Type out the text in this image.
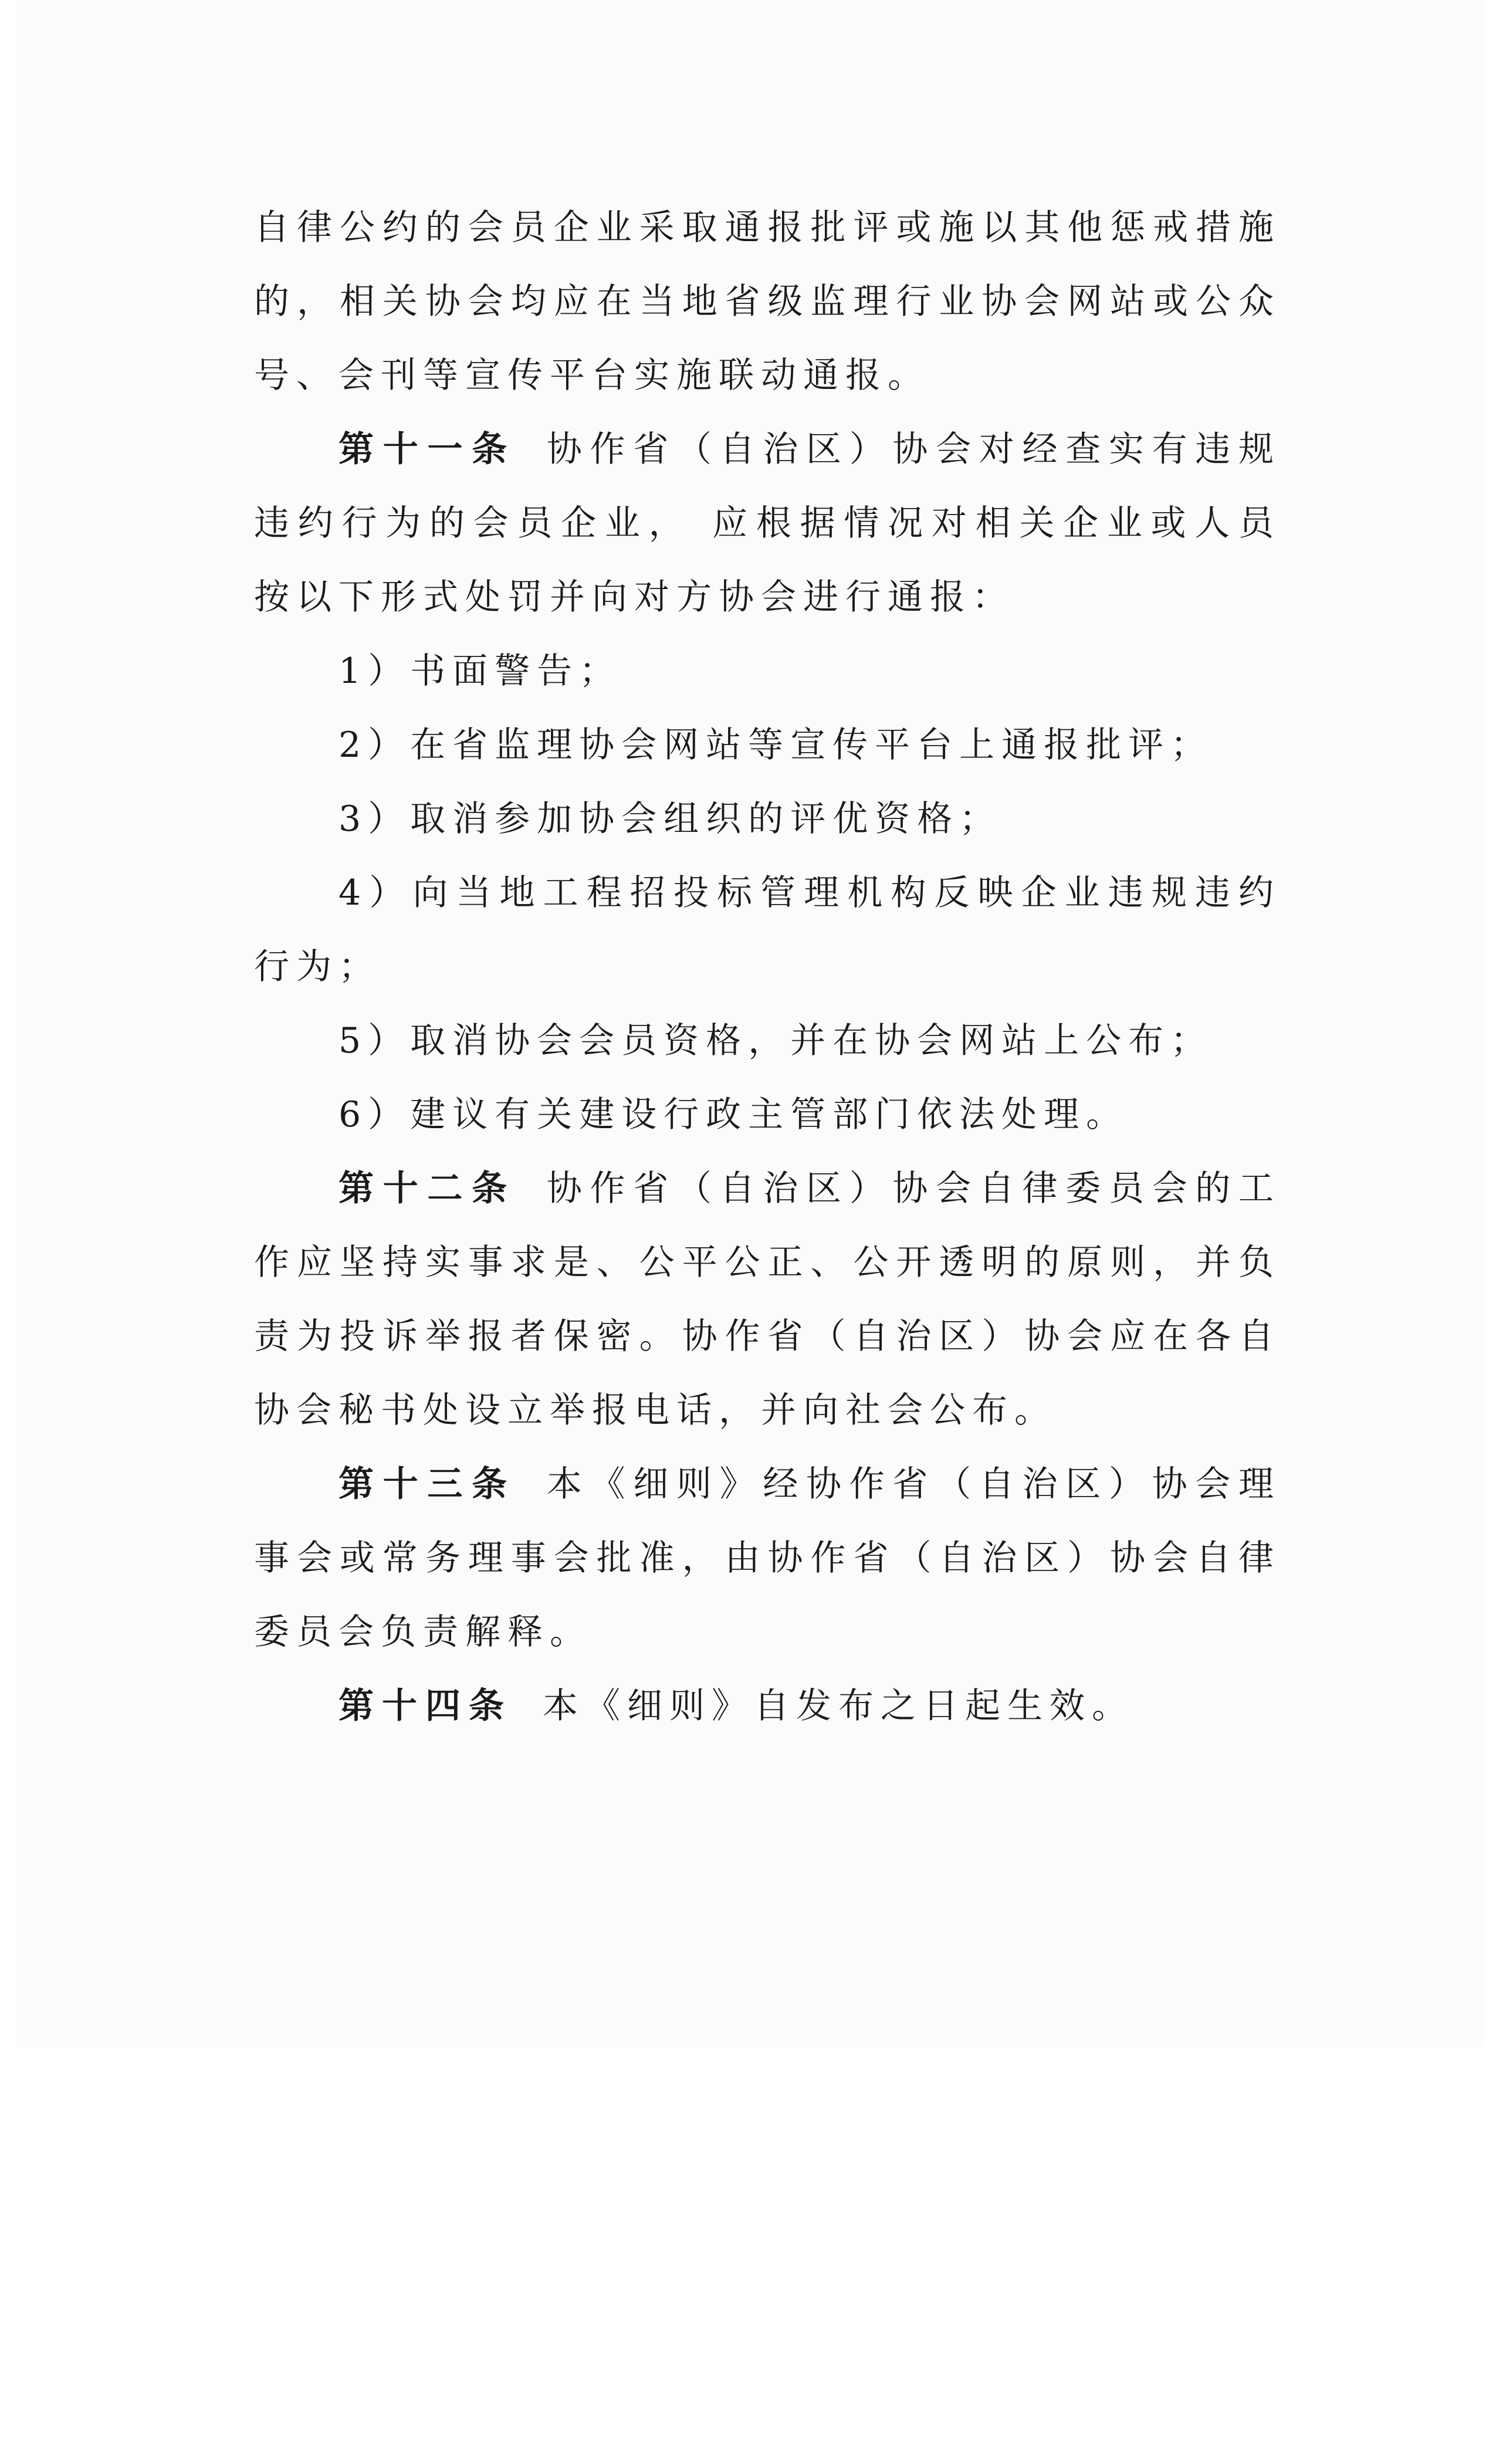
自律公约的会员企业采取通报批评或施以其他惩戒措施的，相关协会均应在当地省级监理行业协会网站或公众号、会刊等宣传平台实施联动通报。

第十一条 协作省（自治区）协会对经查实有违规违约行为的会员企业， 应根据情况对相关企业或人员按以下形式处罚并向对方协会进行通报：

1）书面警告；

2）在省监理协会网站等宣传平台上通报批评；

3）取消参加协会组织的评优资格；

4）向当地工程招投标管理机构反映企业违规违约行为；

5）取消协会会员资格，并在协会网站上公布；

6）建议有关建设行政主管部门依法处理。

第十二条 协作省（自治区）协会自律委员会的工作应坚持实事求是、公平公正、公开透明的原则，并负责为投诉举报者保密。协作省（自治区）协会应在各自协会秘书处设立举报电话，并向社会公布。

第十三条 本《细则》经协作省（自治区）协会理事会或常务理事会批准，由协作省（自治区）协会自律委员会负责解释。

第十四条 本《细则》自发布之日起生效。
